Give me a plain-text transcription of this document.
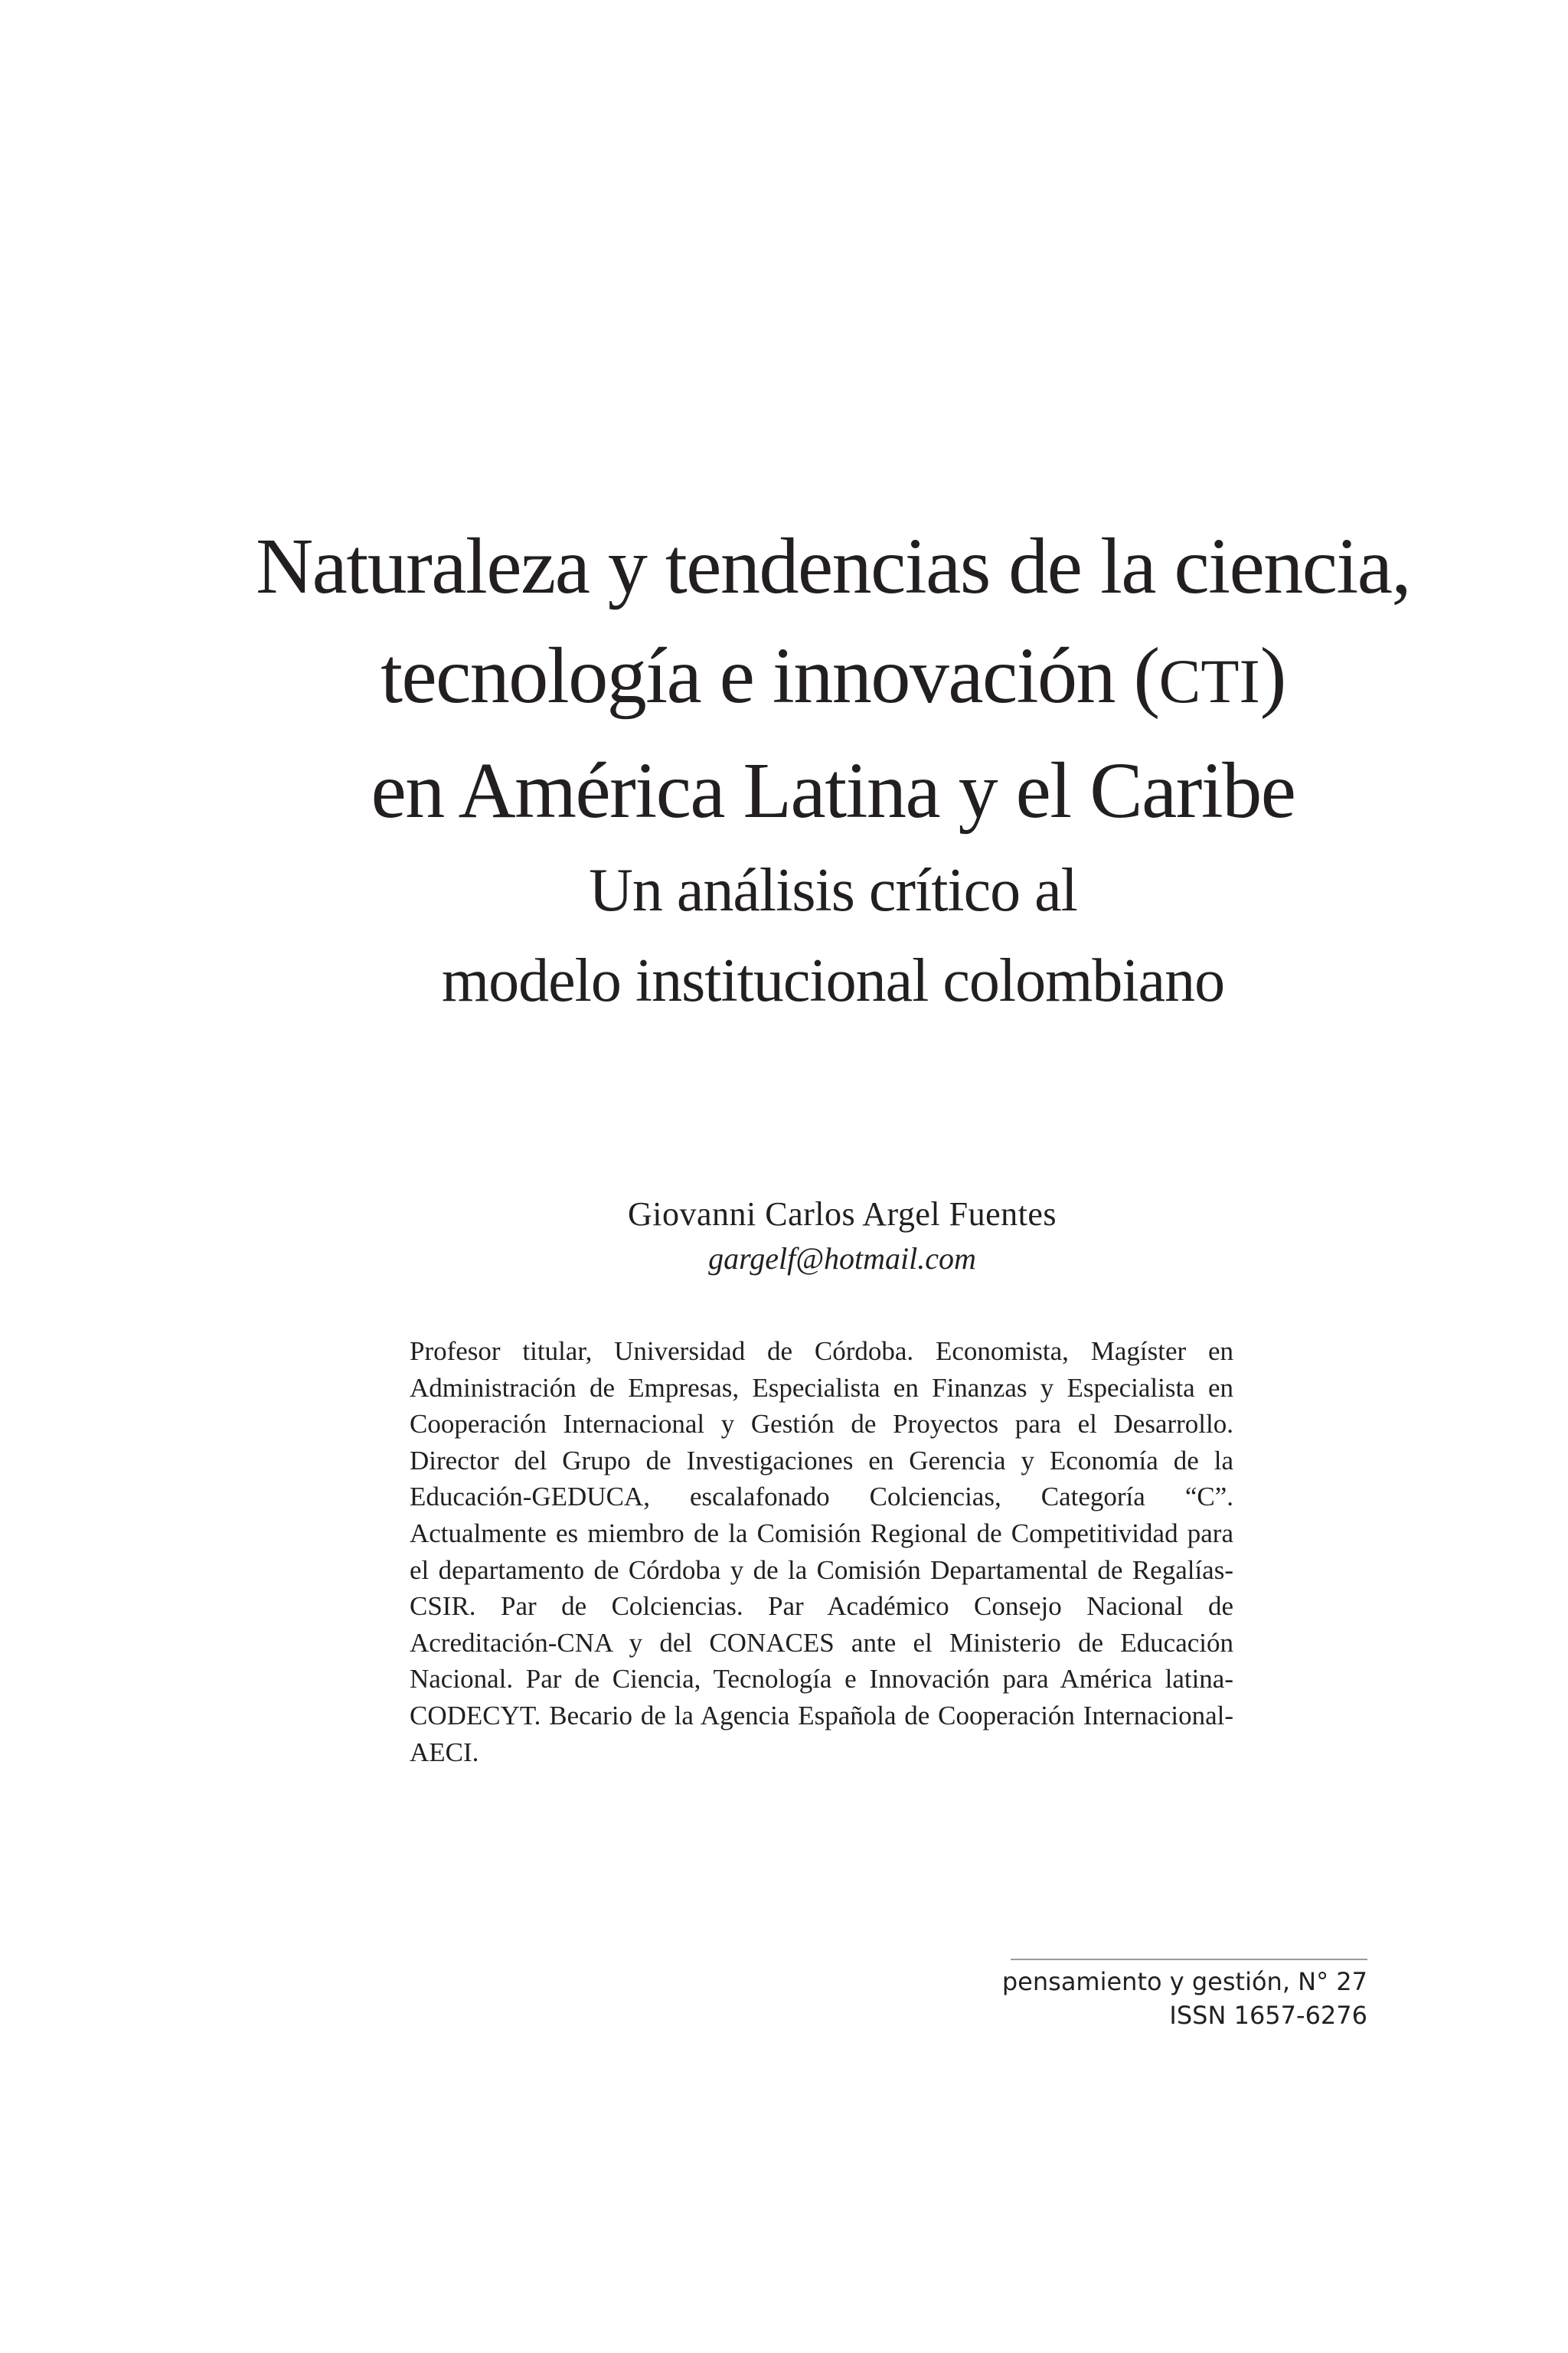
Naturaleza y tendencias de la ciencia,
tecnología e innovación (CTI)
en América Latina y el Caribe
Un análisis crítico al
modelo institucional colombiano
Giovanni Carlos Argel Fuentes
gargelf@hotmail.com

Profesor titular, Universidad de Córdoba. Economista, Magíster en Administración de Empresas, Especialista en Finanzas y Especialista en Cooperación Internacional y Gestión de Proyectos para el Desarrollo. Director del Grupo de Investigaciones en Gerencia y Economía de la Educación-GEDUCA, escalafonado Colciencias, Categoría “C”. Actualmente es miembro de la Comisión Regional de Competitividad para el departamento de Córdoba y de la Comisión Departamental de Regalías-CSIR. Par de Colciencias. Par Académico Consejo Nacional de Acreditación-CNA y del CONACES ante el Ministerio de Educación Nacional. Par de Ciencia, Tecnología e Innovación para América latina-CODECYT. Becario de la Agencia Española de Cooperación Internacional-AECI.

pensamiento y gestión, N° 27
ISSN 1657-6276
